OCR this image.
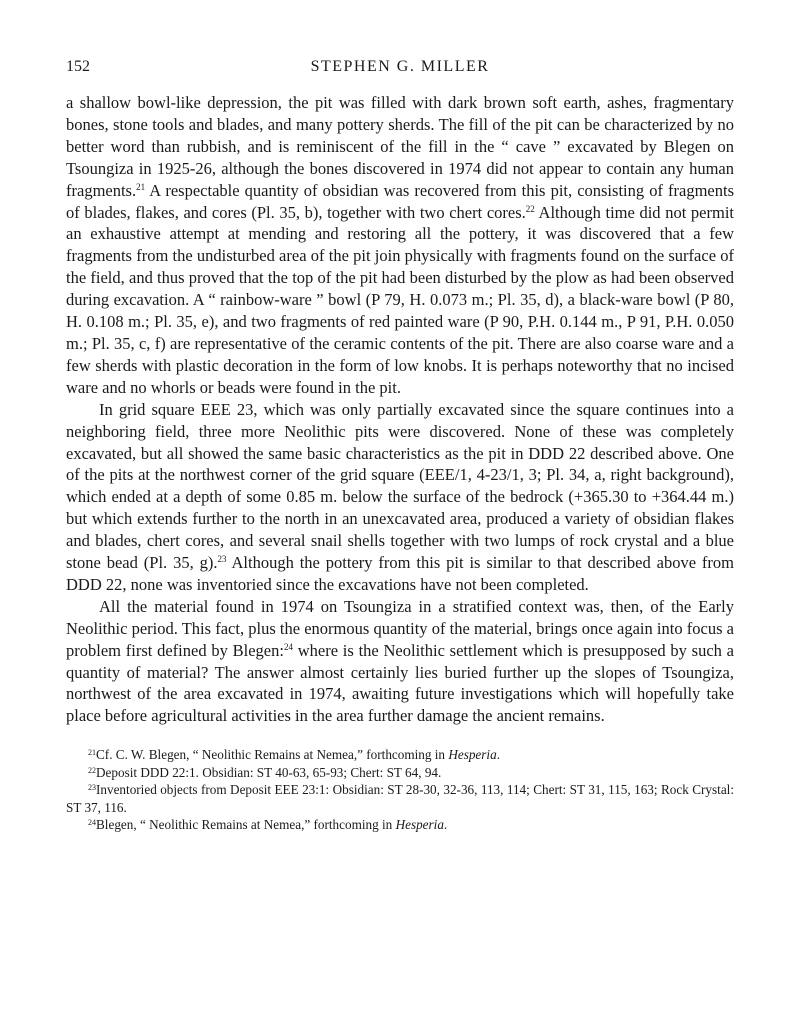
152	STEPHEN G. MILLER

a shallow bowl-like depression, the pit was filled with dark brown soft earth, ashes, fragmentary bones, stone tools and blades, and many pottery sherds. The fill of the pit can be characterized by no better word than rubbish, and is reminiscent of the fill in the “ cave ” excavated by Blegen on Tsoungiza in 1925-26, although the bones discovered in 1974 did not appear to contain any human fragments.$^{21}$ A respectable quantity of obsidian was recovered from this pit, consisting of fragments of blades, flakes, and cores (Pl. 35, b), together with two chert cores.$^{22}$ Although time did not permit an exhaustive attempt at mending and restoring all the pottery, it was discovered that a few fragments from the undisturbed area of the pit join physically with fragments found on the surface of the field, and thus proved that the top of the pit had been disturbed by the plow as had been observed during excavation. A “ rainbow-ware ” bowl (P 79, H. 0.073 m.; Pl. 35, d), a black-ware bowl (P 80, H. 0.108 m.; Pl. 35, e), and two fragments of red painted ware (P 90, P.H. 0.144 m., P 91, P.H. 0.050 m.; Pl. 35, c, f) are representative of the ceramic contents of the pit. There are also coarse ware and a few sherds with plastic decoration in the form of low knobs. It is perhaps noteworthy that no incised ware and no whorls or beads were found in the pit.

In grid square EEE 23, which was only partially excavated since the square continues into a neighboring field, three more Neolithic pits were discovered. None of these was completely excavated, but all showed the same basic characteristics as the pit in DDD 22 described above. One of the pits at the northwest corner of the grid square (EEE/1, 4-23/1, 3; Pl. 34, a, right background), which ended at a depth of some 0.85 m. below the surface of the bedrock (+365.30 to +364.44 m.) but which extends further to the north in an unexcavated area, produced a variety of obsidian flakes and blades, chert cores, and several snail shells together with two lumps of rock crystal and a blue stone bead (Pl. 35, g).$^{23}$ Although the pottery from this pit is similar to that described above from DDD 22, none was inventoried since the excavations have not been completed.

All the material found in 1974 on Tsoungiza in a stratified context was, then, of the Early Neolithic period. This fact, plus the enormous quantity of the material, brings once again into focus a problem first defined by Blegen:$^{24}$ where is the Neolithic settlement which is presupposed by such a quantity of material? The answer almost certainly lies buried further up the slopes of Tsoungiza, northwest of the area excavated in 1974, awaiting future investigations which will hopefully take place before agricultural activities in the area further damage the ancient remains.

$^{21}$Cf. C. W. Blegen, “ Neolithic Remains at Nemea,” forthcoming in Hesperia.

$^{22}$Deposit DDD 22:1. Obsidian: ST 40-63, 65-93; Chert: ST 64, 94.

$^{23}$Inventoried objects from Deposit EEE 23:1: Obsidian: ST 28-30, 32-36, 113, 114; Chert: ST 31, 115, 163; Rock Crystal: ST 37, 116.

$^{24}$Blegen, “ Neolithic Remains at Nemea,” forthcoming in Hesperia.
